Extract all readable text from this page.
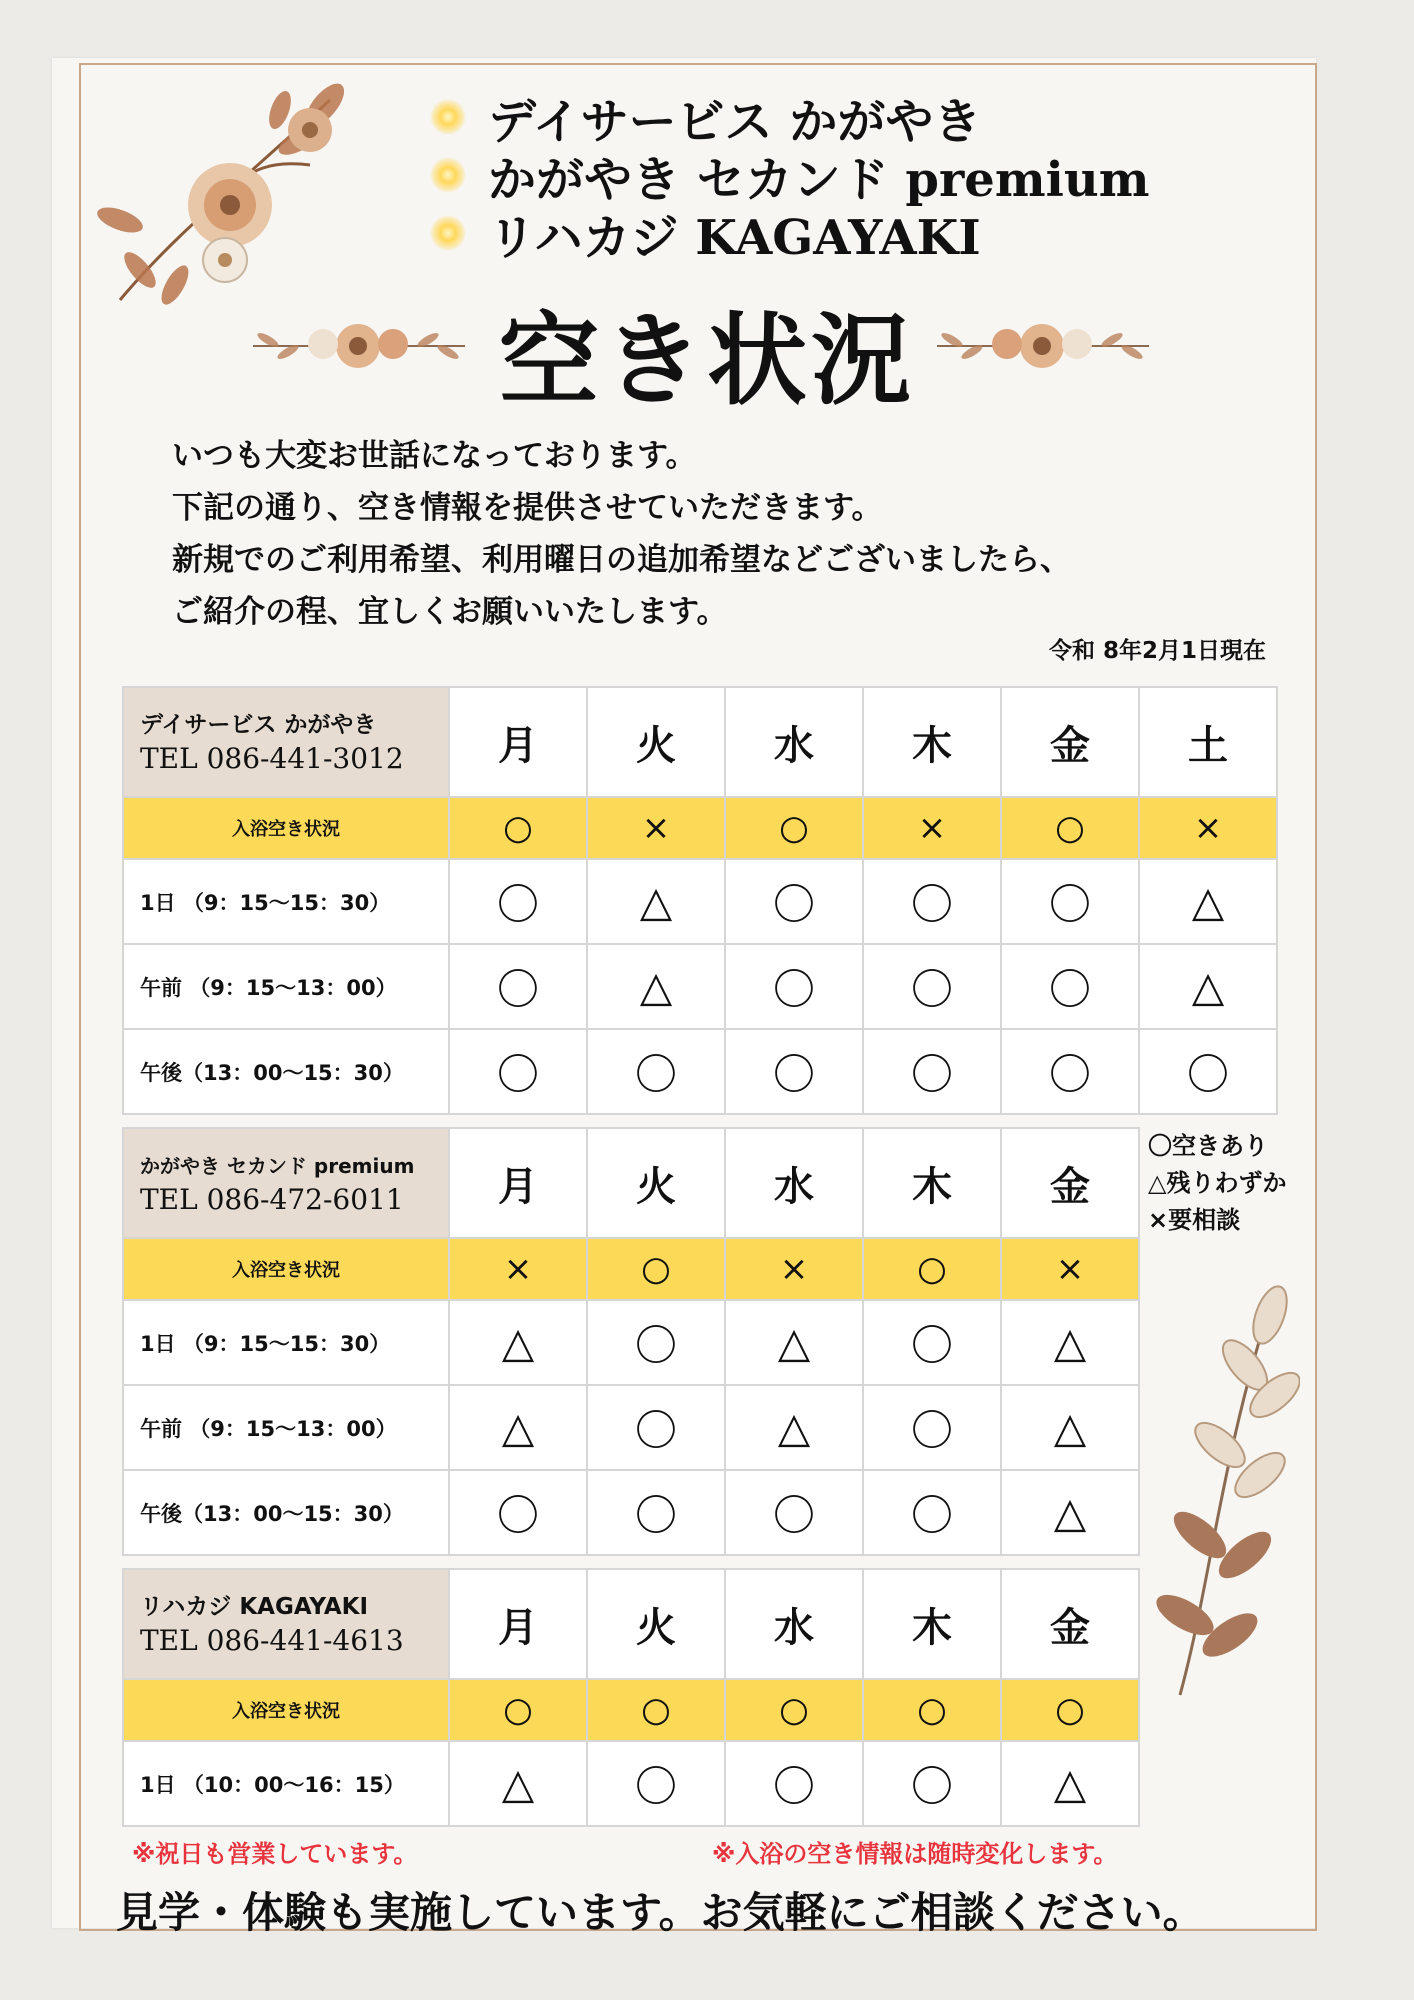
デイサービス かがやき
かがやき セカンド premium
リハカジ KAGAYAKI
空き状況
いつも大変お世話になっております。
下記の通り、空き情報を提供させていただきます。
新規でのご利用希望、利用曜日の追加希望などございましたら、
ご紹介の程、宜しくお願いいたします。
令和 8年2月1日現在
デイサービス かがやき
TEL 086-441-3012	月	火	水	木	金	土
入浴空き状況	○	×	○	×	○	×
1日 （9：15〜15：30）	〇	△	〇	〇	〇	△
午前 （9：15〜13：00）	〇	△	〇	〇	〇	△
午後（13：00〜15：30）	〇	〇	〇	〇	〇	〇
かがやき セカンド premium
TEL 086-472-6011	月	火	水	木	金
入浴空き状況	×	○	×	○	×
1日 （9：15〜15：30）	△	〇	△	〇	△
午前 （9：15〜13：00）	△	〇	△	〇	△
午後（13：00〜15：30）	〇	〇	〇	〇	△
リハカジ KAGAYAKI
TEL 086-441-4613	月	火	水	木	金
入浴空き状況	○	○	○	○	○
1日 （10：00〜16：15）	△	〇	〇	〇	△
〇空きあり
△残りわずか
×要相談
※祝日も営業しています。	※入浴の空き情報は随時変化します。
見学・体験も実施しています。お気軽にご相談ください。
